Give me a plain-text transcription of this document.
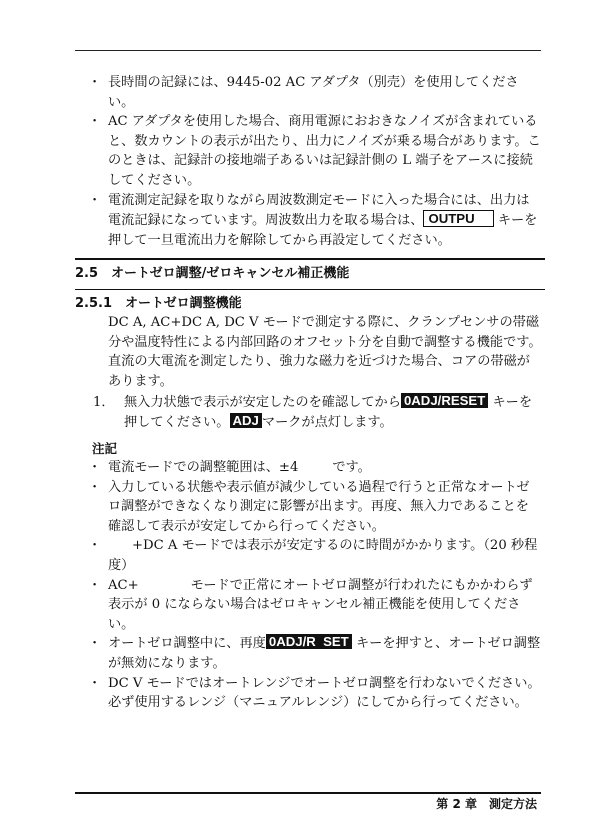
・ 長時間の記録には、9445-02 AC アダプタ（別売）を使用してください。
・ AC アダプタを使用した場合、商用電源におおきなノイズが含まれていると、数カウントの表示が出たり、出力にノイズが乗る場合があります。このときは、記録計の接地端子あるいは記録計側の L 端子をアースに接続してください。
・ 電流測定記録を取りながら周波数測定モードに入った場合には、出力は電流記録になっています。周波数出力を取る場合は、 OUTPU キーを押して一旦電流出力を解除してから再設定してください。
2.5　オートゼロ調整/ゼロキャンセル補正機能
2.5.1　オートゼロ調整機能
DC A, AC+DC A, DC V モードで測定する際に、クランプセンサの帯磁分や温度特性による内部回路のオフセット分を自動で調整する機能です。直流の大電流を測定したり、強力な磁力を近づけた場合、コアの帯磁があります。
1． 無入力状態で表示が安定したのを確認してから 0ADJ/RESET キーを押してください。 ADJ マークが点灯します。
注記
・ 電流モードでの調整範囲は、±4	です。
・ 入力している状態や表示値が減少している過程で行うと正常なオートゼロ調整ができなくなり測定に影響が出ます。再度、無入力であることを確認して表示が安定してから行ってください。
・ +DC A モードでは表示が安定するのに時間がかかります。（20 秒程度）
・ AC+	モードで正常にオートゼロ調整が行われたにもかかわらず表示が 0 にならない場合はゼロキャンセル補正機能を使用してください。
・ オートゼロ調整中に、再度 0ADJ/R  SET キーを押すと、オートゼロ調整が無効になります。
・ DC V モードではオートレンジでオートゼロ調整を行わないでください。必ず使用するレンジ（マニュアルレンジ）にしてから行ってください。
第 2 章　測定方法
